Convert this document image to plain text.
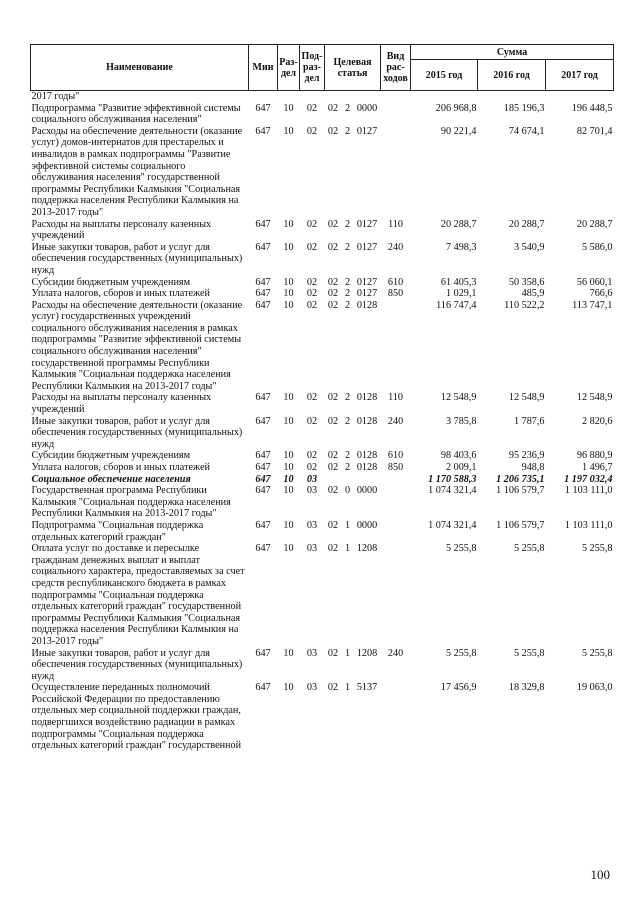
Наименование	Мин	Раз-дел	Под-раз-дел	Целевая статья			Вид рас-ходов	Сумма		
								2015 год	2016 год	2017 год
2017 годы"										
Подпрограмма "Развитие эффективной системы социального обслуживания населения"	647	10	02	02	2	0000		206 968,8	185 196,3	196 448,5
Расходы на обеспечение деятельности (оказание услуг) домов-интернатов для престарелых и инвалидов в рамках подпрограммы "Развитие эффективной системы социального обслуживания населения" государственной программы Республики Калмыкия "Социальная поддержка населения Республики Калмыкия на 2013-2017 годы"	647	10	02	02	2	0127		90 221,4	74 674,1	82 701,4
Расходы на выплаты персоналу казенных учреждений	647	10	02	02	2	0127	110	20 288,7	20 288,7	20 288,7
Иные закупки товаров, работ и услуг для обеспечения государственных (муниципальных) нужд	647	10	02	02	2	0127	240	7 498,3	3 540,9	5 586,0
Субсидии бюджетным учреждениям	647	10	02	02	2	0127	610	61 405,3	50 358,6	56 060,1
Уплата налогов, сборов и иных платежей	647	10	02	02	2	0127	850	1 029,1	485,9	766,6
Расходы на обеспечение деятельности (оказание услуг) государственных учреждений социального обслуживания населения в рамках подпрограммы "Развитие эффективной системы социального обслуживания населения" государственной программы Республики Калмыкия "Социальная поддержка населения Республики Калмыкия на 2013-2017 годы"	647	10	02	02	2	0128		116 747,4	110 522,2	113 747,1
Расходы на выплаты персоналу казенных учреждений	647	10	02	02	2	0128	110	12 548,9	12 548,9	12 548,9
Иные закупки товаров, работ и услуг для обеспечения государственных (муниципальных) нужд	647	10	02	02	2	0128	240	3 785,8	1 787,6	2 820,6
Субсидии бюджетным учреждениям	647	10	02	02	2	0128	610	98 403,6	95 236,9	96 880,9
Уплата налогов, сборов и иных платежей	647	10	02	02	2	0128	850	2 009,1	948,8	1 496,7
Социальное обеспечение населения	647	10	03					1 170 588,3	1 206 735,1	1 197 032,4
Государственная программа Республики Калмыкия "Социальная поддержка населения Республики Калмыкия на 2013-2017 годы"	647	10	03	02	0	0000		1 074 321,4	1 106 579,7	1 103 111,0
Подпрограмма "Социальная поддержка отдельных категорий граждан"	647	10	03	02	1	0000		1 074 321,4	1 106 579,7	1 103 111,0
Оплата услуг по доставке и пересылке гражданам денежных выплат и выплат социального характера, предоставляемых за счет средств республиканского бюджета в рамках подпрограммы "Социальная поддержка отдельных категорий граждан" государственной программы Республики Калмыкия "Социальная поддержка населения Республики Калмыкия на 2013-2017 годы"	647	10	03	02	1	1208		5 255,8	5 255,8	5 255,8
Иные закупки товаров, работ и услуг для обеспечения государственных (муниципальных) нужд	647	10	03	02	1	1208	240	5 255,8	5 255,8	5 255,8
Осуществление переданных полномочий Российской Федерации по предоставлению отдельных мер социальной поддержки граждан, подвергшихся воздействию радиации в рамках подпрограммы "Социальная поддержка отдельных категорий граждан" государственной	647	10	03	02	1	5137		17 456,9	18 329,8	19 063,0
100
